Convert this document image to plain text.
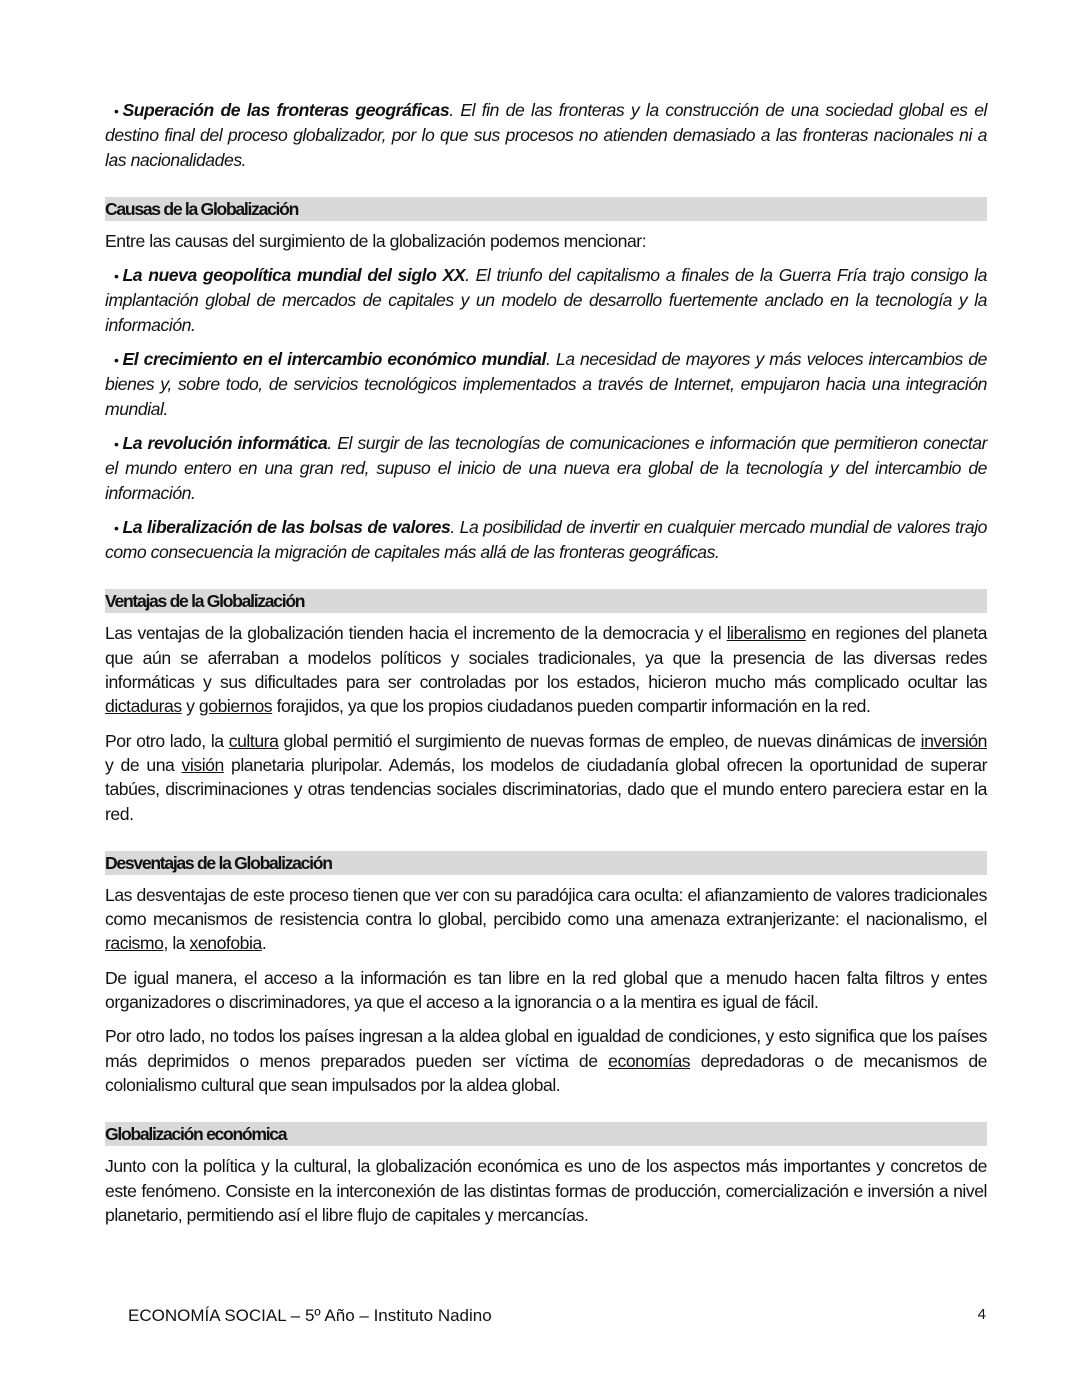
• Superación de las fronteras geográficas. El fin de las fronteras y la construcción de una sociedad global es el destino final del proceso globalizador, por lo que sus procesos no atienden demasiado a las fronteras nacionales ni a las nacionalidades.
Causas de la Globalización
Entre las causas del surgimiento de la globalización podemos mencionar:
• La nueva geopolítica mundial del siglo XX. El triunfo del capitalismo a finales de la Guerra Fría trajo consigo la implantación global de mercados de capitales y un modelo de desarrollo fuertemente anclado en la tecnología y la información.
• El crecimiento en el intercambio económico mundial. La necesidad de mayores y más veloces intercambios de bienes y, sobre todo, de servicios tecnológicos implementados a través de Internet, empujaron hacia una integración mundial.
• La revolución informática. El surgir de las tecnologías de comunicaciones e información que permitieron conectar el mundo entero en una gran red, supuso el inicio de una nueva era global de la tecnología y del intercambio de información.
• La liberalización de las bolsas de valores. La posibilidad de invertir en cualquier mercado mundial de valores trajo como consecuencia la migración de capitales más allá de las fronteras geográficas.
Ventajas de la Globalización
Las ventajas de la globalización tienden hacia el incremento de la democracia y el liberalismo en regiones del planeta que aún se aferraban a modelos políticos y sociales tradicionales, ya que la presencia de las diversas redes informáticas y sus dificultades para ser controladas por los estados, hicieron mucho más complicado ocultar las dictaduras y gobiernos forajidos, ya que los propios ciudadanos pueden compartir información en la red.
Por otro lado, la cultura global permitió el surgimiento de nuevas formas de empleo, de nuevas dinámicas de inversión y de una visión planetaria pluripolar. Además, los modelos de ciudadanía global ofrecen la oportunidad de superar tabúes, discriminaciones y otras tendencias sociales discriminatorias, dado que el mundo entero pareciera estar en la red.
Desventajas de la Globalización
Las desventajas de este proceso tienen que ver con su paradójica cara oculta: el afianzamiento de valores tradicionales como mecanismos de resistencia contra lo global, percibido como una amenaza extranjerizante: el nacionalismo, el racismo, la xenofobia.
De igual manera, el acceso a la información es tan libre en la red global que a menudo hacen falta filtros y entes organizadores o discriminadores, ya que el acceso a la ignorancia o a la mentira es igual de fácil.
Por otro lado, no todos los países ingresan a la aldea global en igualdad de condiciones, y esto significa que los países más deprimidos o menos preparados pueden ser víctima de economías depredadoras o de mecanismos de colonialismo cultural que sean impulsados por la aldea global.
Globalización económica
Junto con la política y la cultural, la globalización económica es uno de los aspectos más importantes y concretos de este fenómeno. Consiste en la interconexión de las distintas formas de producción, comercialización e inversión a nivel planetario, permitiendo así el libre flujo de capitales y mercancías.
ECONOMÍA SOCIAL – 5º Año – Instituto Nadino	4
